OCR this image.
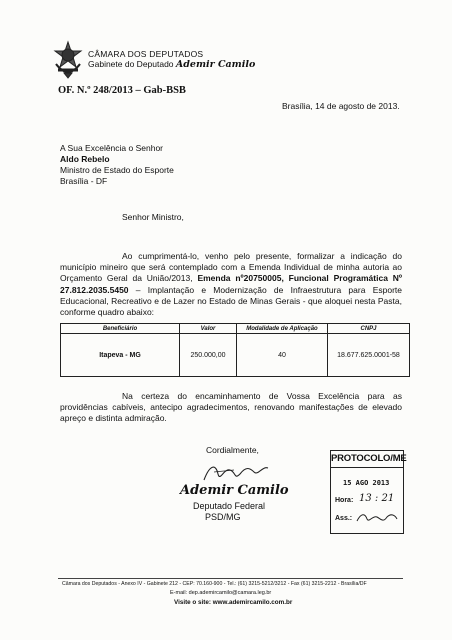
CÂMARA DOS DEPUTADOS
Gabinete do Deputado Ademir Camilo
OF. N.º 248/2013 – Gab-BSB
Brasília, 14 de agosto de 2013.
A Sua Excelência o Senhor
Aldo Rebelo
Ministro de Estado do Esporte
Brasília - DF
Senhor Ministro,
Ao cumprimentá-lo, venho pelo presente, formalizar a indicação do município mineiro que será contemplado com a Emenda Individual de minha autoria ao Orçamento Geral da União/2013, Emenda nº20750005, Funcional Programática Nº 27.812.2035.5450 – Implantação e Modernização de Infraestrutura para Esporte Educacional, Recreativo e de Lazer no Estado de Minas Gerais - que aloquei nesta Pasta, conforme quadro abaixo:
Beneficiário	Valor	Modalidade de Aplicação	CNPJ
Itapeva - MG	250.000,00	40	18.677.625.0001-58
Na certeza do encaminhamento de Vossa Excelência para as providências cabíveis, antecipo agradecimentos, renovando manifestações de elevado apreço e distinta admiração.
Cordialmente,
Ademir Camilo
Deputado Federal
PSD/MG
PROTOCOLO/ME
15 AGO 2013
Hora: 13 : 21
Ass.:
Câmara dos Deputados - Anexo IV - Gabinete 212 - CEP: 70.160-900 - Tel.: (61) 3215-5212/3212 - Fax (61) 3215-2212 - Brasília/DF
E-mail: dep.ademircamilo@camara.leg.br
Visite o site: www.ademircamilo.com.br
